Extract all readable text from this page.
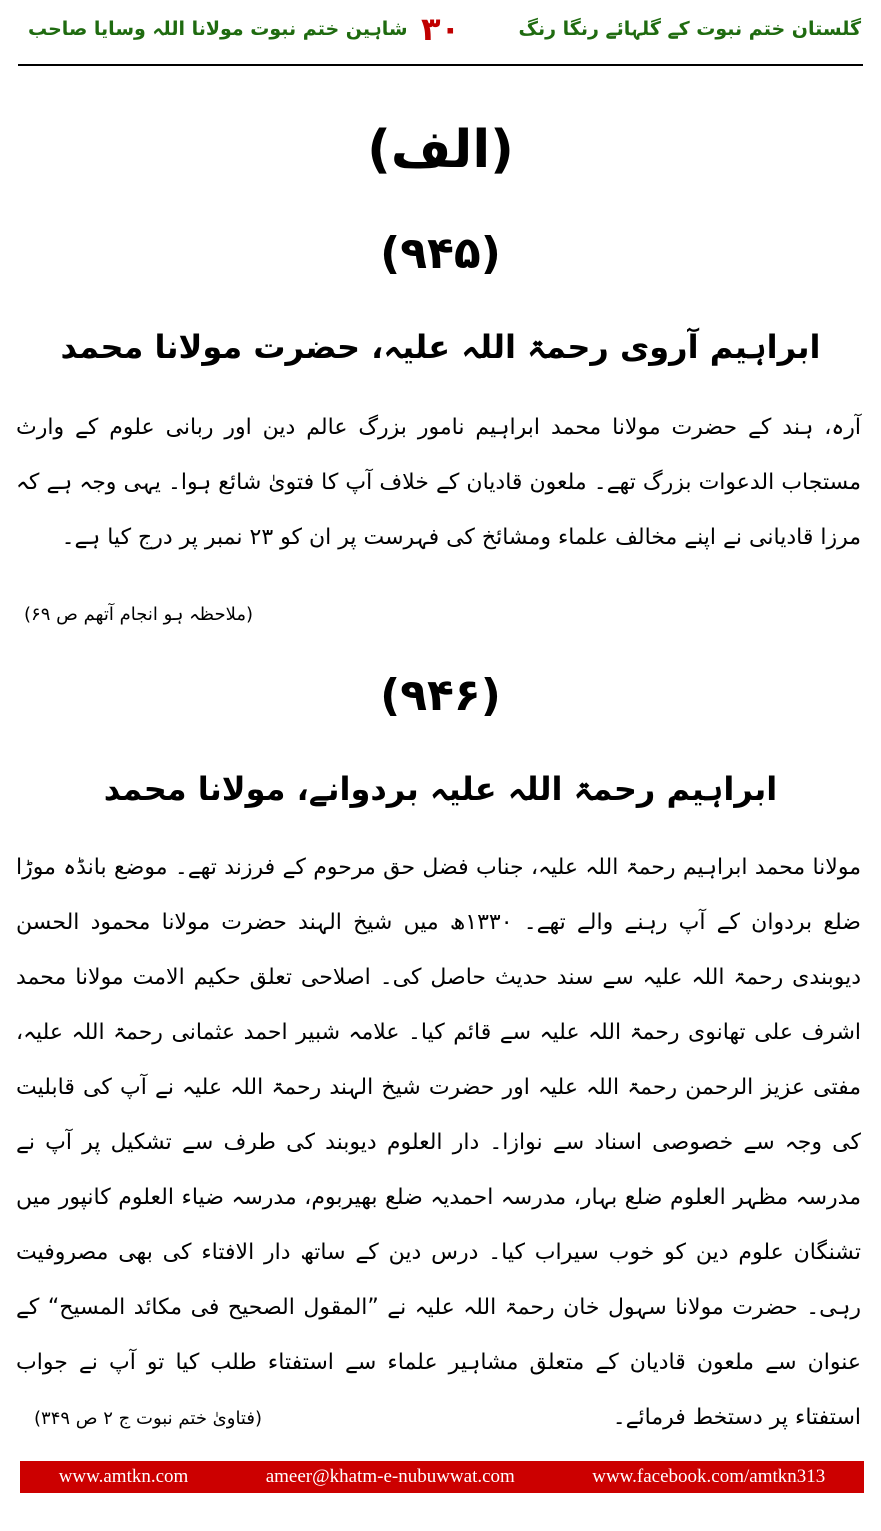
گلستان ختم نبوت کے گلہائے رنگا رنگ
۳۰
شاہین ختم نبوت مولانا اللہ وسایا صاحب
(الف)
(۹۴۵)
ابراہیم آروی رحمۃ اللہ علیہ، حضرت مولانا محمد
آرہ، ہند کے حضرت مولانا محمد ابراہیم نامور بزرگ عالم دین اور ربانی علوم کے وارث مستجاب الدعوات بزرگ تھے۔ ملعون قادیان کے خلاف آپ کا فتویٰ شائع ہوا۔ یہی وجہ ہے کہ مرزا قادیانی نے اپنے مخالف علماء ومشائخ کی فہرست پر ان کو ۲۳ نمبر پر درج کیا ہے۔
(ملاحظہ ہو انجام آتھم ص ۶۹)
(۹۴۶)
ابراہیم رحمۃ اللہ علیہ بردوانے، مولانا محمد
مولانا محمد ابراہیم رحمۃ اللہ علیہ، جناب فضل حق مرحوم کے فرزند تھے۔ موضع بانڈہ موڑا ضلع بردوان کے آپ رہنے والے تھے۔ ۱۳۳۰ھ میں شیخ الہند حضرت مولانا محمود الحسن دیوبندی رحمۃ اللہ علیہ سے سند حدیث حاصل کی۔ اصلاحی تعلق حکیم الامت مولانا محمد اشرف علی تھانوی رحمۃ اللہ علیہ سے قائم کیا۔ علامہ شبیر احمد عثمانی رحمۃ اللہ علیہ، مفتی عزیز الرحمن رحمۃ اللہ علیہ اور حضرت شیخ الہند رحمۃ اللہ علیہ نے آپ کی قابلیت کی وجہ سے خصوصی اسناد سے نوازا۔ دار العلوم دیوبند کی طرف سے تشکیل پر آپ نے مدرسہ مظہر العلوم ضلع بہار، مدرسہ احمدیہ ضلع بھیربوم، مدرسہ ضیاء العلوم کانپور میں تشنگان علوم دین کو خوب سیراب کیا۔ درس دین کے ساتھ دار الافتاء کی بھی مصروفیت رہی۔ حضرت مولانا سہول خان رحمۃ اللہ علیہ نے ”المقول الصحیح فی مکائد المسیح“ کے عنوان سے ملعون قادیان کے متعلق مشاہیر علماء سے استفتاء طلب کیا تو آپ نے جواب استفتاء پر دستخط فرمائے۔
(فتاویٰ ختم نبوت ج ۲ ص ۳۴۹)
www.amtkn.com	ameer@khatm-e-nubuwwat.com	www.facebook.com/amtkn313
